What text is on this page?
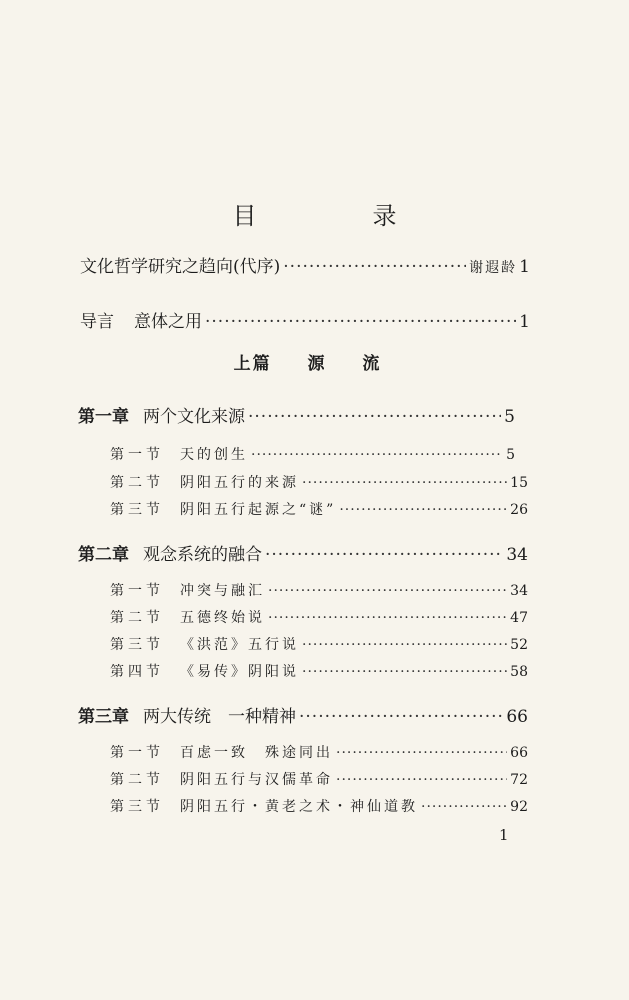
目　录
文化哲学研究之趋向(代序) ·····	谢遐龄 1
导言 意体之用 ·····	1
上篇 源 流
第一章 两个文化来源 ·····	5
第一节 天的创生 ·····	5
第二节 阴阳五行的来源 ·····	15
第三节 阴阳五行起源之“谜” ·····	26
第二章 观念系统的融合 ·····	34
第一节 冲突与融汇 ·····	34
第二节 五德终始说 ·····	47
第三节 《洪范》五行说 ·····	52
第四节 《易传》阴阳说 ·····	58
第三章 两大传统　一种精神 ·····	66
第一节 百虑一致　殊途同出 ·····	66
第二节 阴阳五行与汉儒革命 ·····	72
第三节 阴阳五行・黄老之术・神仙道教 ·····	92
1
